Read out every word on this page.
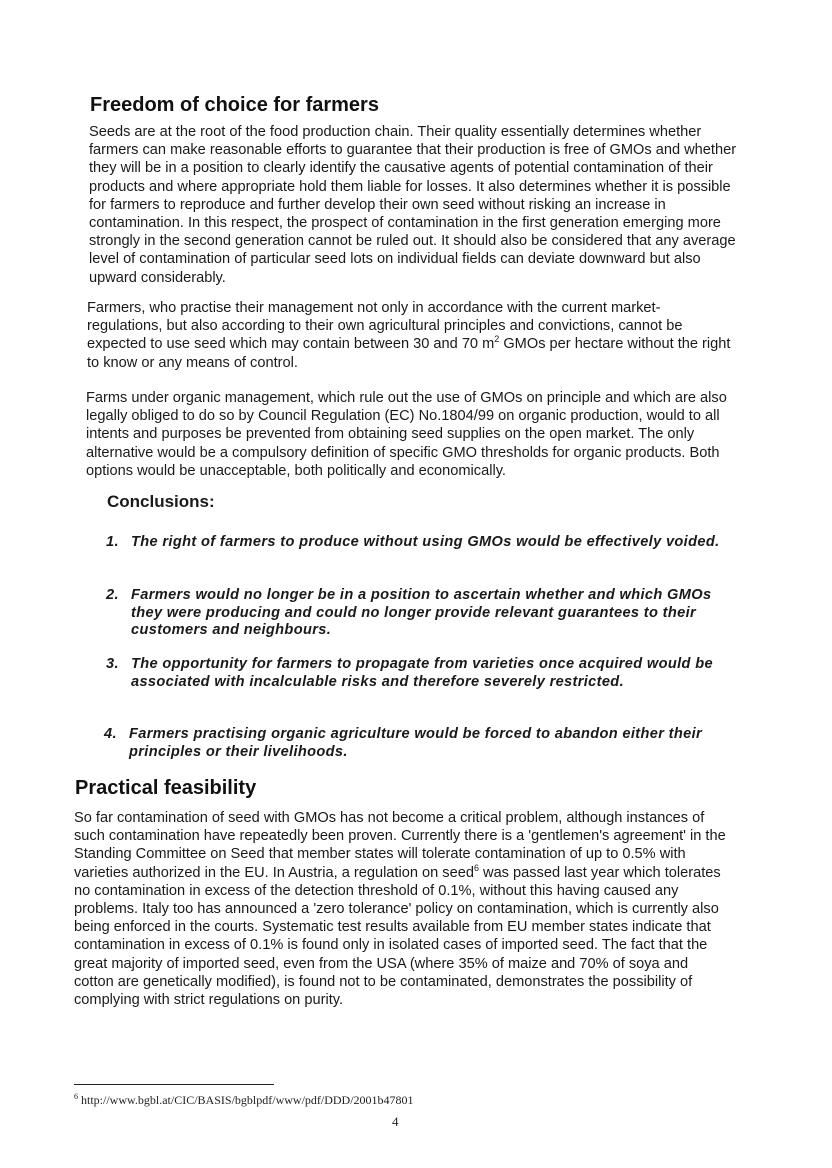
Freedom of choice for farmers

Seeds are at the root of the food production chain. Their quality essentially determines whether farmers can make reasonable efforts to guarantee that their production is free of GMOs and whether they will be in a position to clearly identify the causative agents of potential contamination of their products and where appropriate hold them liable for losses. It also determines whether it is possible for farmers to reproduce and further develop their own seed without risking an increase in contamination. In this respect, the prospect of contamination in the first generation emerging more strongly in the second generation cannot be ruled out. It should also be considered that any average level of contamination of particular seed lots on individual fields can deviate downward but also upward considerably.

Farmers, who practise their management not only in accordance with the current market-regulations, but also according to their own agricultural principles and convictions, cannot be expected to use seed which may contain between 30 and 70 $m^2$ GMOs per hectare without the right to know or any means of control.

Farms under organic management, which rule out the use of GMOs on principle and which are also legally obliged to do so by Council Regulation (EC) No.1804/99 on organic production, would to all intents and purposes be prevented from obtaining seed supplies on the open market. The only alternative would be a compulsory definition of specific GMO thresholds for organic products. Both options would be unacceptable, both politically and economically.

Conclusions:
1. The right of farmers to produce without using GMOs would be effectively voided.
2. Farmers would no longer be in a position to ascertain whether and which GMOs they were producing and could no longer provide relevant guarantees to their customers and neighbours.
3. The opportunity for farmers to propagate from varieties once acquired would be associated with incalculable risks and therefore severely restricted.
4. Farmers practising organic agriculture would be forced to abandon either their principles or their livelihoods.
Practical feasibility

So far contamination of seed with GMOs has not become a critical problem, although instances of such contamination have repeatedly been proven. Currently there is a 'gentlemen's agreement' in the Standing Committee on Seed that member states will tolerate contamination of up to 0.5% with varieties authorized in the EU. In Austria, a regulation on seed$^6$ was passed last year which tolerates no contamination in excess of the detection threshold of 0.1%, without this having caused any problems. Italy too has announced a 'zero tolerance' policy on contamination, which is currently also being enforced in the courts. Systematic test results available from EU member states indicate that contamination in excess of 0.1% is found only in isolated cases of imported seed. The fact that the great majority of imported seed, even from the USA (where 35% of maize and 70% of soya and cotton are genetically modified), is found not to be contaminated, demonstrates the possibility of complying with strict regulations on purity.

$^6$ http://www.bgbl.at/CIC/BASIS/bgblpdf/www/pdf/DDD/2001b47801
4
